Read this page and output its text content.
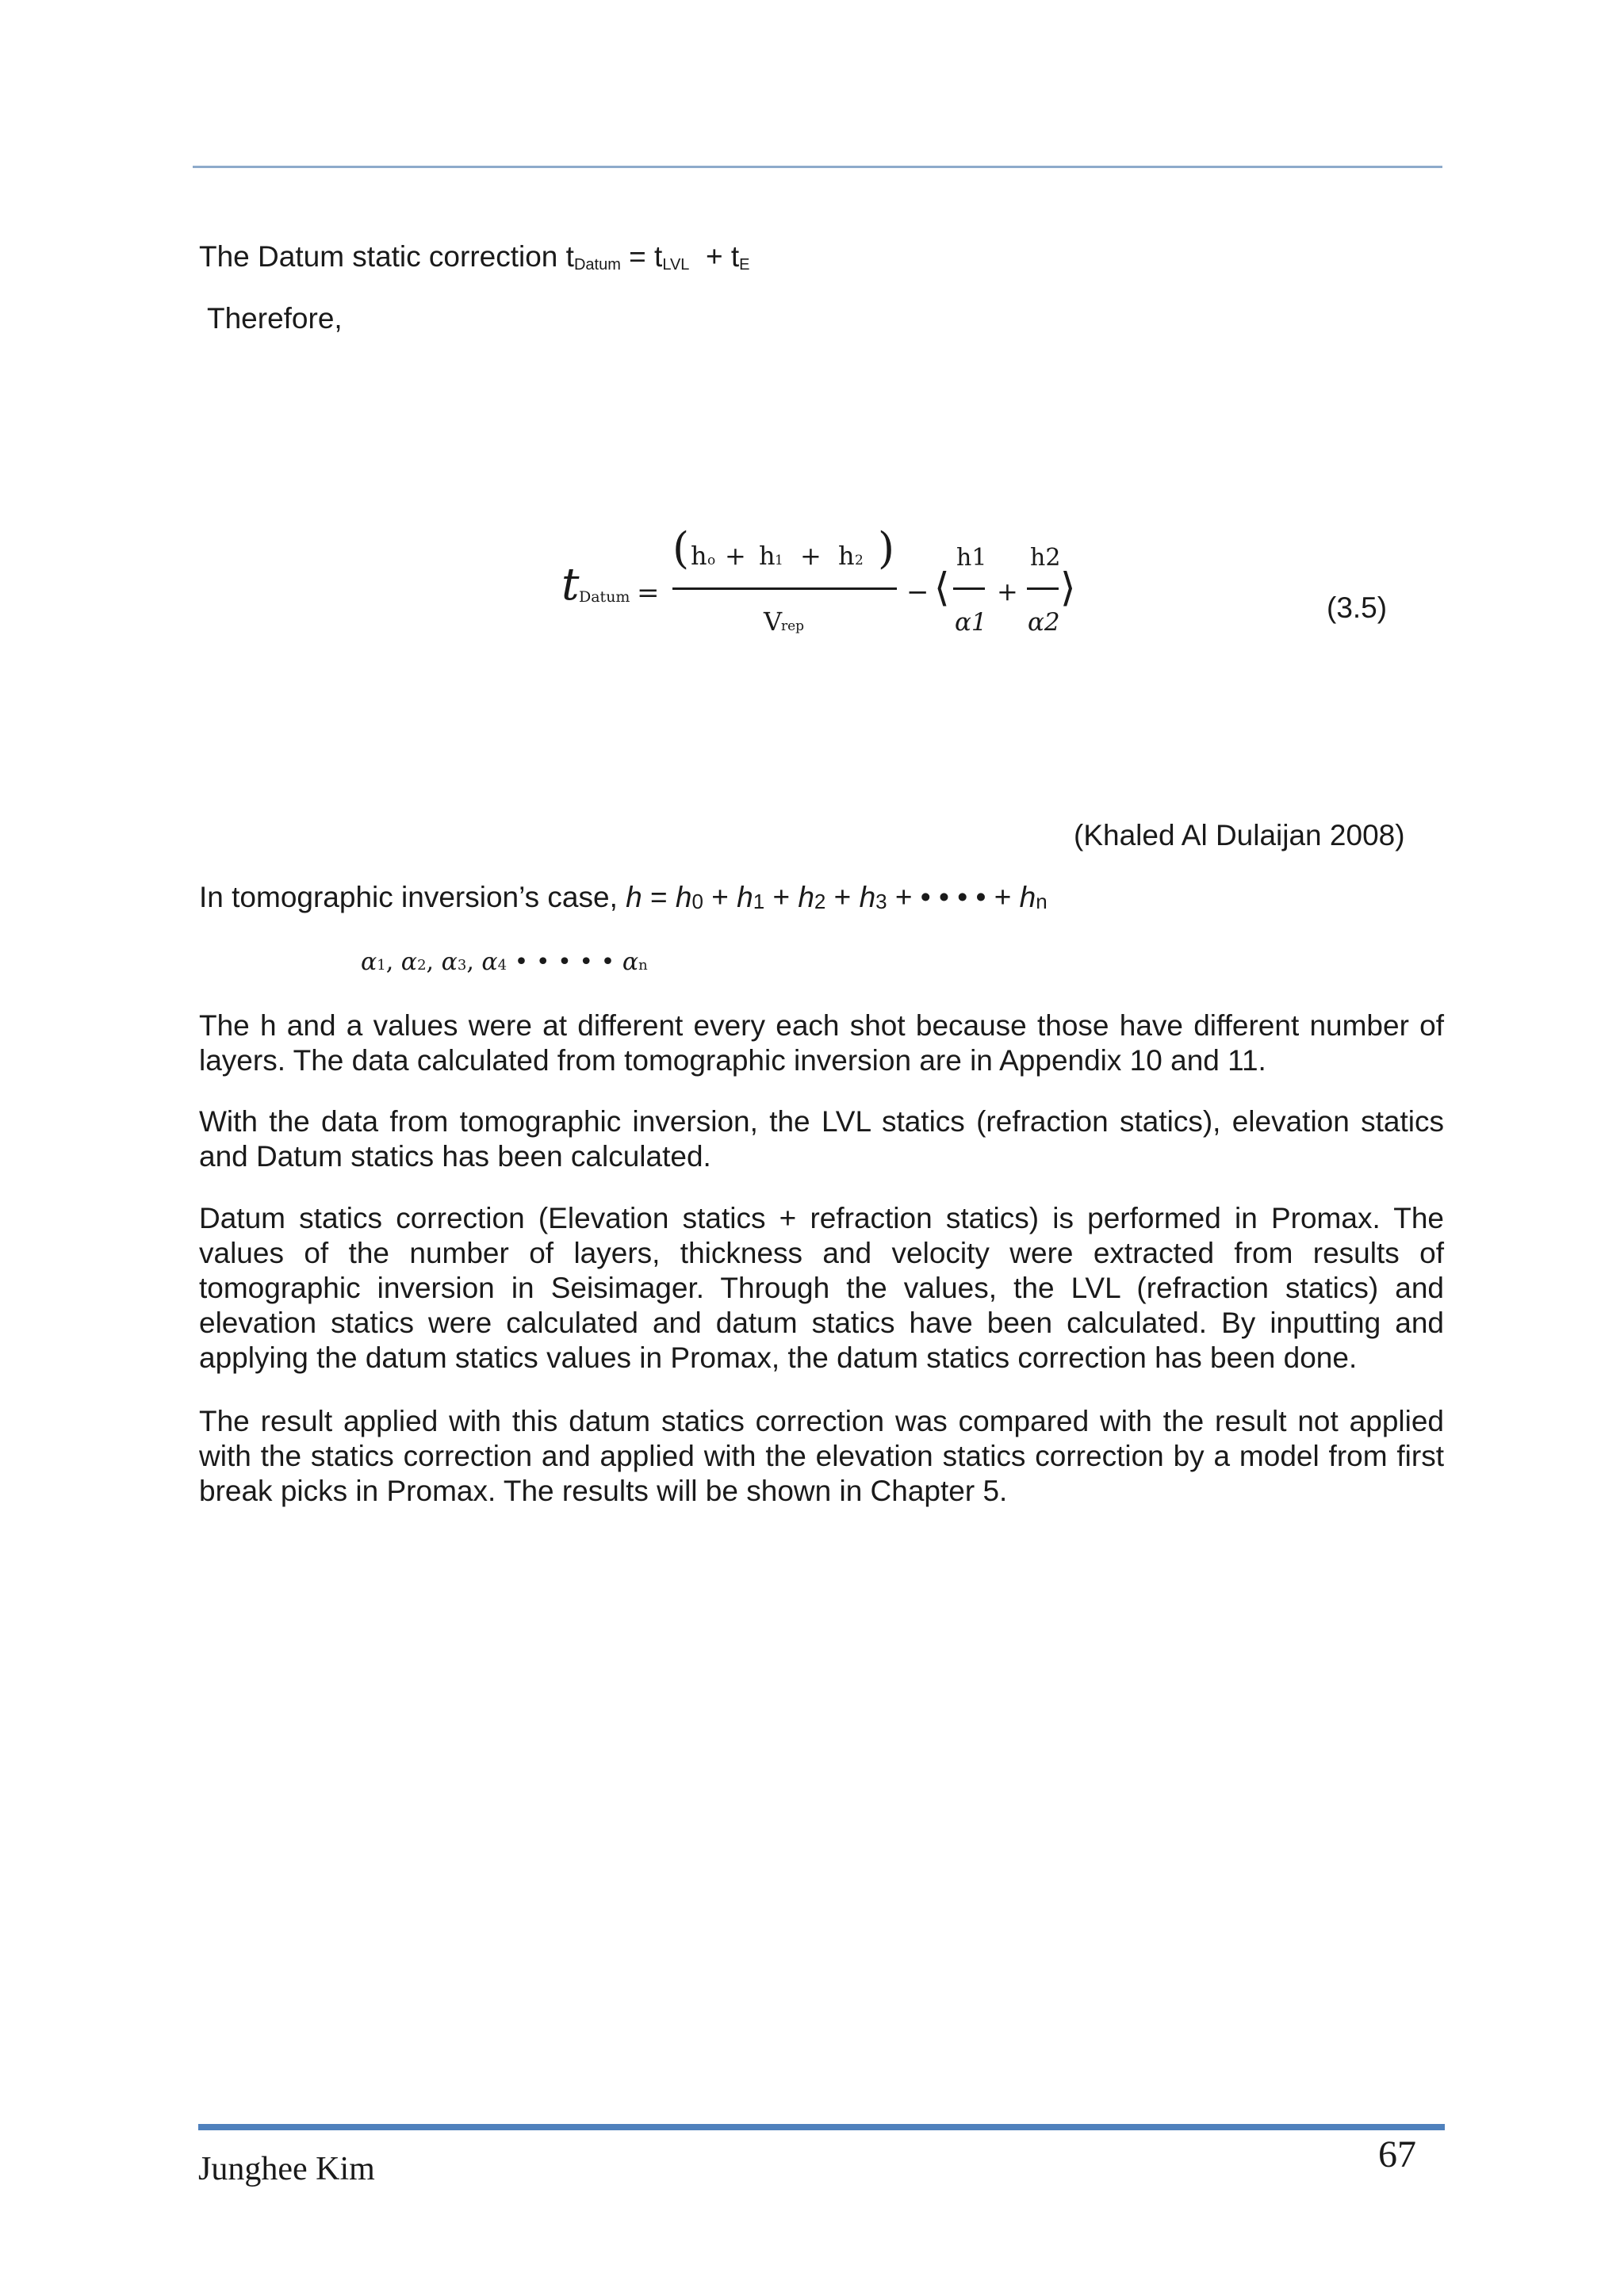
The Datum static correction tDatum = tLVL  + tE
Therefore,
t Datum =
( h o + h 1 + h 2 )
V
rep
− ⟨
h1
α1
+
h2
α2
⟩	(3.5)
(Khaled Al Dulaijan 2008)
In tomographic inversion’s case, h = h0 + h1 + h2 + h3 + • • • • + hn
α1, α2, α3, α4 • • • • • αn
The h and a values were at different every each shot because those have different number of layers. The data calculated from tomographic inversion are in Appendix 10 and 11.
With the data from tomographic inversion, the LVL statics (refraction statics), elevation statics and Datum statics has been calculated.
Datum statics correction (Elevation statics + refraction statics) is performed in Promax. The values of the number of layers, thickness and velocity were extracted from results of tomographic inversion in Seisimager. Through the values, the LVL (refraction statics) and elevation statics were calculated and datum statics have been calculated. By inputting and applying the datum statics values in Promax, the datum statics correction has been done.
The result applied with this datum statics correction was compared with the result not applied with the statics correction and applied with the elevation statics correction by a model from first break picks in Promax. The results will be shown in Chapter 5.
Junghee Kim	67
